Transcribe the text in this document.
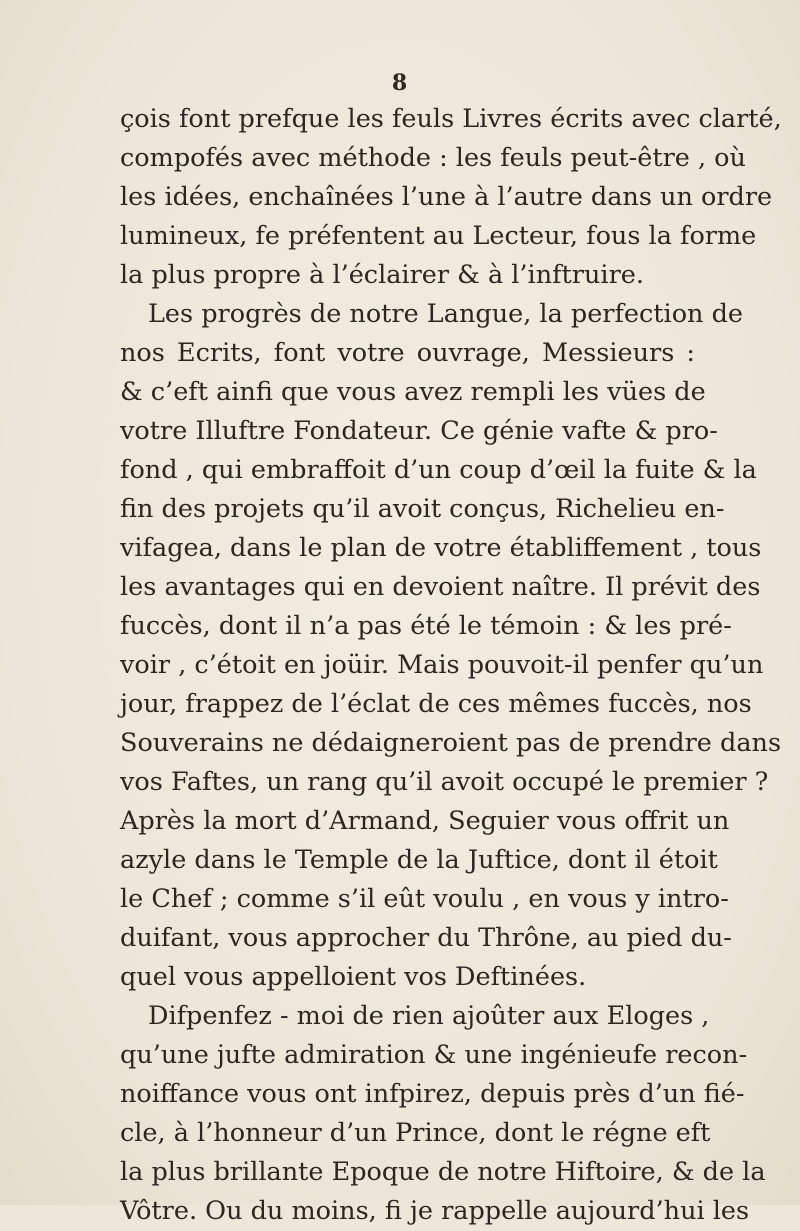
8
çois font prefque les feuls Livres écrits avec clarté,
compofés avec méthode : les feuls peut-être , où
les idées, enchaînées l’une à l’autre dans un ordre
lumineux, fe préfentent au Lecteur, fous la forme
la plus propre à l’éclairer & à l’inftruire.
Les progrès de notre Langue, la perfection de
nos Ecrits, font votre ouvrage, Messieurs :
& c’eft ainfi que vous avez rempli les vües de
votre Illuftre Fondateur. Ce génie vafte & pro-
fond , qui embraffoit d’un coup d’œil la fuite & la
fin des projets qu’il avoit conçus, Richelieu en-
vifagea, dans le plan de votre établiffement , tous
les avantages qui en devoient naître. Il prévit des
fuccès, dont il n’a pas été le témoin : & les pré-
voir , c’étoit en joüir. Mais pouvoit-il penfer qu’un
jour, frappez de l’éclat de ces mêmes fuccès, nos
Souverains ne dédaigneroient pas de prendre dans
vos Faftes, un rang qu’il avoit occupé le premier ?
Après la mort d’Armand, Seguier vous offrit un
azyle dans le Temple de la Juftice, dont il étoit
le Chef ; comme s’il eût voulu , en vous y intro-
duifant, vous approcher du Thrône, au pied du-
quel vous appelloient vos Deftinées.
Difpenfez - moi de rien ajoûter aux Eloges ,
qu’une jufte admiration & une ingénieufe recon-
noiffance vous ont infpirez, depuis près d’un fié-
cle, à l’honneur d’un Prince, dont le régne eft
la plus brillante Epoque de notre Hiftoire, & de la
Vôtre. Ou du moins, fi je rappelle aujourd’hui les
